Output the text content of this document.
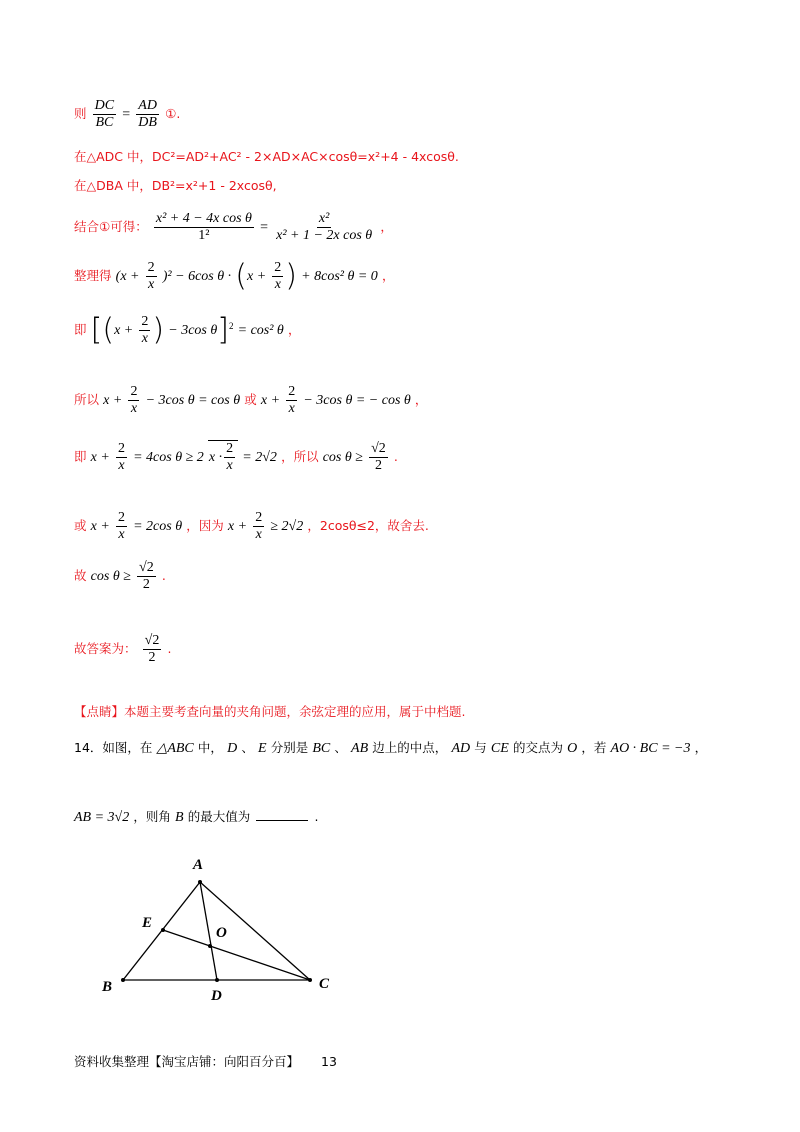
则 $\frac{DC}{BC} = \frac{AD}{DB}$ ①.
在△ADC 中，DC²=AD²+AC² - 2×AD×AC×cosθ=x²+4 - 4xcosθ.
在△DBA 中，DB²=x²+1 - 2xcosθ,
结合①可得： $\frac{\text{x² + 4 − 4x cos θ}}{\text{1²}} = \frac{\text{x²}}{\text{x² + 1 − 2x cos θ}}$ ，
整理得 $(x + \frac{2}{x} )^2 - 6\cos$ $\theta \cdot (x + \frac{2}{x}$ ) + 8cos² θ = 0 ，
即 [($x + \frac{2}{x}$ ) − 3cos θ]$^2$ = cos² θ ，
所以 $x + \frac{2}{x} - 3\cos$ θ = cos θ 或 $x + \frac{2}{x} - 3\cos$ θ = − cos θ ，
即 $x + \frac{2}{x} = 4\cos$ θ ≥ 2 $x \cdot \frac{2}{x} = 2√2$ ，所以 $\cos \theta \ge \frac{√2}{2}$ .
或 $x + \frac{2}{x} = 2\cos$ θ ，因为 $x + \frac{2}{x} \ge 2√2$ ，2cosθ≤2，故舍去.
故 $\cos \theta \ge \frac{√2}{2}$ .
故答案为： $\frac{√2}{2}$ .
【点睛】本题主要考查向量的夹角问题，余弦定理的应用，属于中档题.
14．如图，在 △ABC 中， D 、 E 分别是 BC 、 AB 边上的中点， AD 与 CE 的交点为 O ，若 AO · BC = −3 ，
AB = 3√2 ，则角 B 的最大值为	.
A
E
O
B
D
C
资料收集整理【淘宝店铺：向阳百分百】 13
